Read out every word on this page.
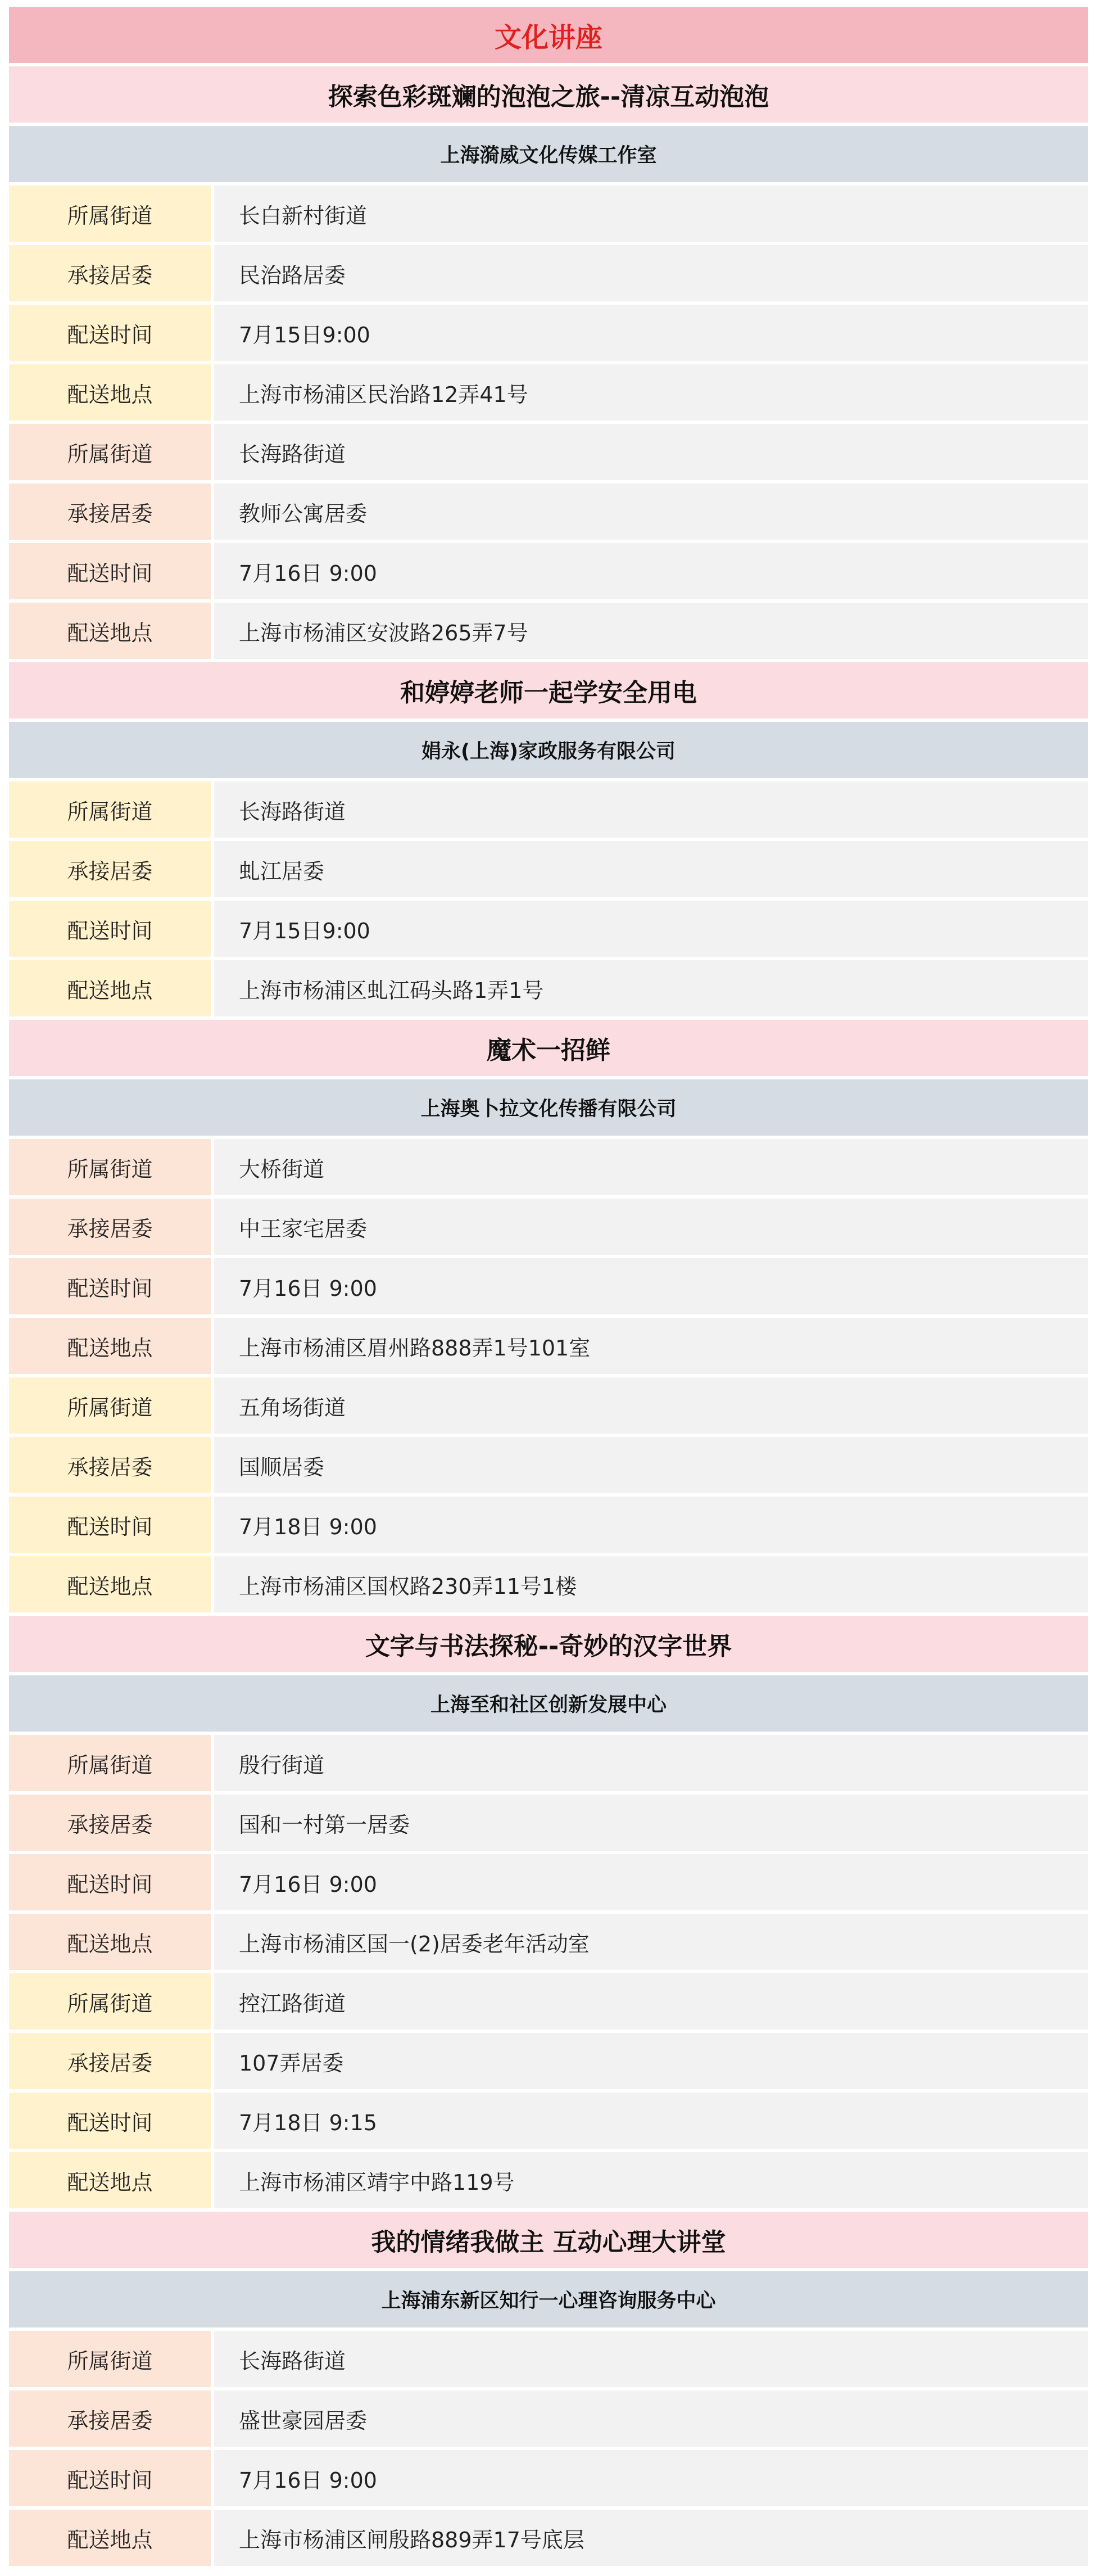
文化讲座
探索色彩斑斓的泡泡之旅--清凉互动泡泡
上海漪威文化传媒工作室
所属街道	长白新村街道
承接居委	民治路居委
配送时间	7月15日9:00
配送地点	上海市杨浦区民治路12弄41号
所属街道	长海路街道
承接居委	教师公寓居委
配送时间	7月16日 9:00
配送地点	上海市杨浦区安波路265弄7号
和婷婷老师一起学安全用电
娟永(上海)家政服务有限公司
所属街道	长海路街道
承接居委	虬江居委
配送时间	7月15日9:00
配送地点	上海市杨浦区虬江码头路1弄1号
魔术一招鲜
上海奥卜拉文化传播有限公司
所属街道	大桥街道
承接居委	中王家宅居委
配送时间	7月16日 9:00
配送地点	上海市杨浦区眉州路888弄1号101室
所属街道	五角场街道
承接居委	国顺居委
配送时间	7月18日 9:00
配送地点	上海市杨浦区国权路230弄11号1楼
文字与书法探秘--奇妙的汉字世界
上海至和社区创新发展中心
所属街道	殷行街道
承接居委	国和一村第一居委
配送时间	7月16日 9:00
配送地点	上海市杨浦区国一(2)居委老年活动室
所属街道	控江路街道
承接居委	107弄居委
配送时间	7月18日 9:15
配送地点	上海市杨浦区靖宇中路119号
我的情绪我做主 互动心理大讲堂
上海浦东新区知行一心理咨询服务中心
所属街道	长海路街道
承接居委	盛世豪园居委
配送时间	7月16日 9:00
配送地点	上海市杨浦区闸殷路889弄17号底层
